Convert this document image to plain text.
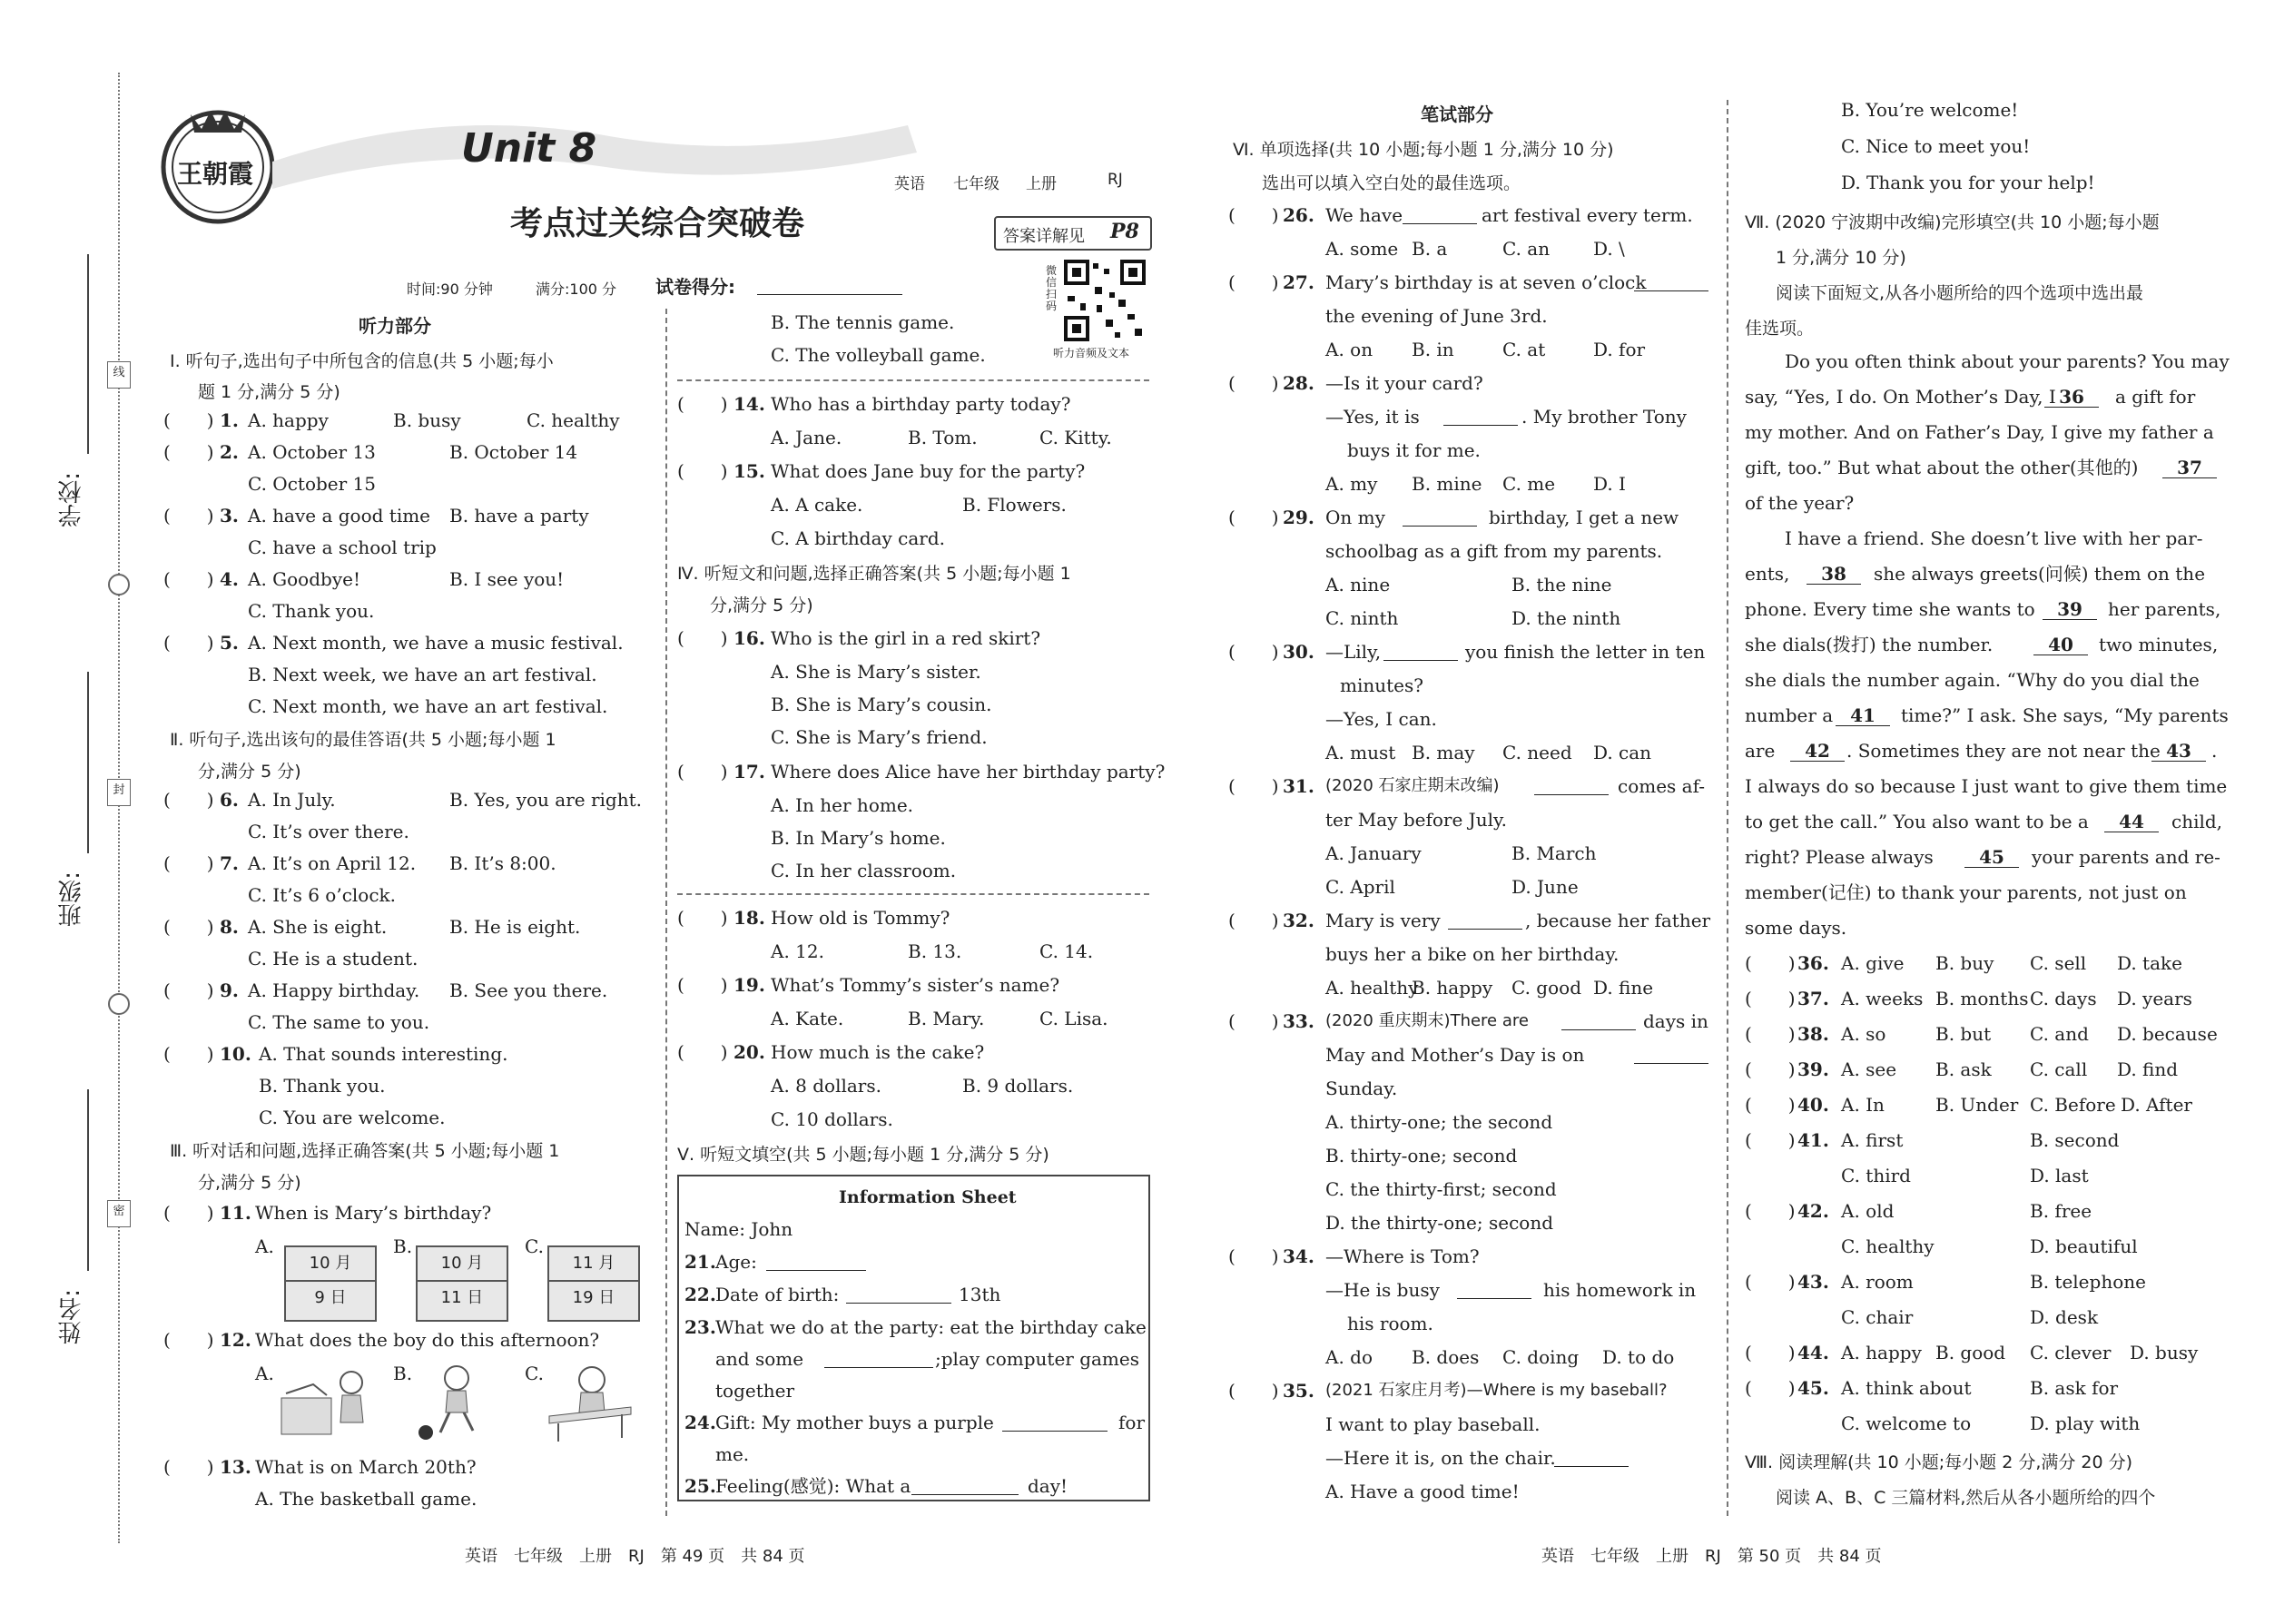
学校:
班级:
姓名:
线
封
密
王朝霞
Unit 8
考点过关综合突破卷
英语 七年级 上册	RJ
答案详解见 P8
微信扫码
听力音频及文本
时间:90 分钟	满分:100 分 试卷得分:
听力部分
Ⅰ. 听句子,选出句子中所包含的信息(共 5 小题;每小
题 1 分,满分 5 分)
(　　) 1. A. happy	B. busy	C. healthy
(　　) 2. A. October 13	B. October 14
C. October 15
(　　) 3. A. have a good time B. have a party
C. have a school trip
(　　) 4. A. Goodbye!	B. I see you!
C. Thank you.
(　　) 5. A. Next month, we have a music festival.
B. Next week, we have an art festival.
C. Next month, we have an art festival.
Ⅱ. 听句子,选出该句的最佳答语(共 5 小题;每小题 1
分,满分 5 分)
(　　) 6. A. In July.	B. Yes, you are right.
C. It’s over there.
(　　) 7. A. It’s on April 12. B. It’s 8:00.
C. It’s 6 o’clock.
(　　) 8. A. She is eight.	B. He is eight.
C. He is a student.
(　　) 9. A. Happy birthday. B. See you there.
C. The same to you.
(　　) 10. A. That sounds interesting.
B. Thank you.
C. You are welcome.
Ⅲ. 听对话和问题,选择正确答案(共 5 小题;每小题 1
分,满分 5 分)
(　　) 11. When is Mary’s birthday?
A.	B.	C.
10 月
9 日
10 月
11 日
11 月
19 日
(　　) 12. What does the boy do this afternoon?
A.	B.	C.
(　　) 13. What is on March 20th?
A. The basketball game.
B. The tennis game.
C. The volleyball game.
(　　) 14. Who has a birthday party today?
A. Jane.	B. Tom.	C. Kitty.
(　　) 15. What does Jane buy for the party?
A. A cake.	B. Flowers.
C. A birthday card.
Ⅳ. 听短文和问题,选择正确答案(共 5 小题;每小题 1
分,满分 5 分)
(　　) 16. Who is the girl in a red skirt?
A. She is Mary’s sister.
B. She is Mary’s cousin.
C. She is Mary’s friend.
(　　) 17. Where does Alice have her birthday party?
A. In her home.
B. In Mary’s home.
C. In her classroom.
(　　) 18. How old is Tommy?
A. 12.	B. 13.	C. 14.
(　　) 19. What’s Tommy’s sister’s name?
A. Kate.	B. Mary.	C. Lisa.
(　　) 20. How much is the cake?
A. 8 dollars.	B. 9 dollars.
C. 10 dollars.
Ⅴ. 听短文填空(共 5 小题;每小题 1 分,满分 5 分)
Information Sheet
Name: John
21. Age:
22. Date of birth:	13th
23. What we do at the party: eat the birthday cake
and some	;play computer games
together
24. Gift: My mother buys a purple	for
me.
25. Feeling(感觉): What a	day!
笔试部分
Ⅵ. 单项选择(共 10 小题;每小题 1 分,满分 10 分)
选出可以填入空白处的最佳选项。
(　　) 26. We have	art festival every term.
A. some B. a	C. an D. \
(　　) 27. Mary’s birthday is at seven o’clock
the evening of June 3rd.
A. on B. in	C. at	D. for
(　　) 28. —Is it your card?
—Yes, it is	. My brother Tony
buys it for me.
A. my B. mine C. me D. I
(　　) 29. On my	birthday, I get a new
schoolbag as a gift from my parents.
A. nine	B. the nine
C. ninth	D. the ninth
(　　) 30. —Lily,	you finish the letter in ten
minutes?
—Yes, I can.
A. must B. may C. need D. can
(　　) 31. (2020 石家庄期末改编)	comes af-
ter May before July.
A. January	B. March
C. April	D. June
(　　) 32. Mary is very	, because her father
buys her a bike on her birthday.
A. healthy
B. happy C. good D. fine
(　　) 33. (2020 重庆期末)There are	days in
May and Mother’s Day is on
Sunday.
A. thirty-one; the second
B. thirty-one; second
C. the thirty-first; second
D. the thirty-one; second
(　　) 34. —Where is Tom?
—He is busy	his homework in
his room.
A. do B. does C. doing D. to do
(　　) 35. (2021 石家庄月考)—Where is my baseball?
I want to play baseball.
—Here it is, on the chair.
A. Have a good time!
B. You’re welcome!
C. Nice to meet you!
D. Thank you for your help!
Ⅶ. (2020 宁波期中改编)完形填空(共 10 小题;每小题
1 分,满分 10 分)
阅读下面短文,从各小题所给的四个选项中选出最
佳选项。
Do you often think about your parents? You may
say, “Yes, I do. On Mother’s Day, I 36	a gift for
my mother. And on Father’s Day, I give my father a
gift, too.” But what about the other(其他的)	37
of the year?
I have a friend. She doesn’t live with her par-
ents,	38	she always greets(问候) them on the
phone. Every time she wants to	39	her parents,
she dials(拨打) the number.	40	two minutes,
she dials the number again. “Why do you dial the
number a 41	time?” I ask. She says, “My parents
are	42 . Sometimes they are not near the 43	.
I always do so because I just want to give them time
to get the call.” You also want to be a	44	child,
right? Please always	45	your parents and re-
member(记住) to thank your parents, not just on
some days.
(　　) 36. A. give B. buy C. sell D. take
(　　) 37. A. weeks B. months C. days D. years
(　　) 38. A. so	B. but C. and D. because
(　　) 39. A. see B. ask C. call D. find
(　　) 40. A. In	B. Under C. Before D. After
(　　) 41. A. first	B. second
C. third	D. last
(　　) 42. A. old	B. free
C. healthy	D. beautiful
(　　) 43. A. room	B. telephone
C. chair	D. desk
(　　) 44. A. happy B. good C. clever D. busy
(　　) 45. A. think about	B. ask for
C. welcome to	D. play with
Ⅷ. 阅读理解(共 10 小题;每小题 2 分,满分 20 分)
阅读 A、B、C 三篇材料,然后从各小题所给的四个
英语　七年级　上册　RJ　第 49 页　共 84 页	英语　七年级　上册　RJ　第 50 页　共 84 页
